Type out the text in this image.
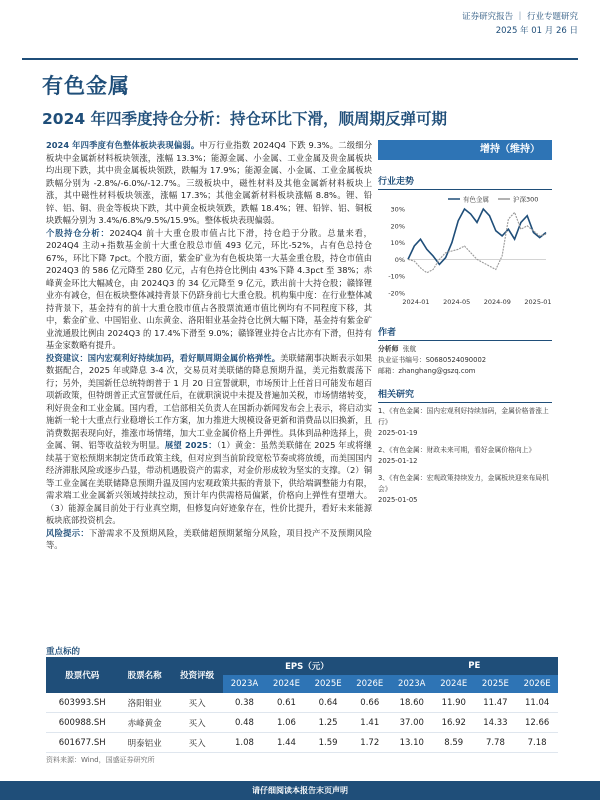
证券研究报告 ｜ 行业专题研究
2025 年 01 月 26 日
有色金属
2024 年四季度持仓分析：持仓环比下滑，顺周期反弹可期

2024 年四季度有色整体板块表现偏弱。申万行业指数 2024Q4 下跌 9.3%。二级细分板块中金属新材料板块领涨，涨幅 13.3%；能源金属、小金属、工业金属及贵金属板块均出现下跌，其中贵金属板块领跌，跌幅为 17.9%；能源金属、小金属、工业金属板块跌幅分别为 -2.8%/-6.0%/-12.7%。三级板块中，磁性材料及其他金属新材料板块上涨，其中磁性材料板块领涨，涨幅 17.3%；其他金属新材料板块涨幅 8.8%。锂、铅锌、铝、铜、贵金等板块下跌，其中黄金板块领跌，跌幅 18.4%；锂、铅锌、铝、铜板块跌幅分别为 3.4%/6.8%/9.5%/15.9%。整体板块表现偏弱。

个股持仓分析：2024Q4 前十大重仓股市值占比下滑，持仓趋于分散。总量来看，2024Q4 主动+指数基金前十大重仓股总市值 493 亿元，环比-52%，占有色总持仓 67%，环比下降 7pct。个股方面，紫金矿业为有色板块第一大基金重仓股，持仓市值由 2024Q3 的 586 亿元降至 280 亿元，占有色持仓比例由 43%下降 4.3pct 至 38%；赤峰黄金环比大幅减仓，由 2024Q3 的 34 亿元降至 9 亿元，跌出前十大持仓股；赣锋锂业亦有减仓，但在板块整体减持背景下仍跻身前七大重仓股。机构集中度：在行业整体减持背景下，基金持有的前十大重仓股市值占各股票流通市值比例均有不同程度下移，其中，紫金矿业、中国铝业、山东黄金、洛阳钼业基金持仓比例大幅下降，基金持有紫金矿业流通股比例由 2024Q3 的 17.4%下滑至 9.0%；赣锋锂业持仓占比亦有下滑，但持有基金家数略有提升。

投资建议：国内宏观利好持续加码，看好顺周期金属价格弹性。美联储潮事决断表示如果数据配合，2025 年或降息 3-4 次，交易员对美联储的降息预期升温，美元指数震荡下行；另外，美国新任总统特朗普于 1 月 20 日宣誓就职，市场预计上任首日可能发布超百项新政策，但特朗普正式宣誓就任后，在就职演说中未提及普遍加关税，市场情绪转变，利好贵金和工业金属。国内看，工信部相关负责人在国新办新闻发布会上表示，将启动实施新一轮十大重点行业稳增长工作方案，加力推进大规模设备更新和消费品以旧换新，且消费数据表现向好，推涨市场情绪，加大工业金属价格上升弹性。具体到品种选择上，贵金属、铜、铝等收益较为明显。展望 2025：（1）黄金：虽然美联储在 2025 年或将继续基于宽松预期来制定货币政策主线，但对应到当前阶段宽松节奏或将放缓，而美国国内经济滞胀风险或逐步凸显，带动机遇股资产的需求，对金价形成较为坚实的支撑。（2）铜等工业金属在美联储降息预期升温及国内宏观政策共振的背景下，供给端调整能力有限，需求端工业金属新兴领域持续拉动，预计年内供需格局偏紧，价格向上弹性有望增大。（3）能源金属目前处于行业真空期，但修复向好迹象存在，性价比提升，看好未来能源板块底部投资机会。

风险提示：下游需求不及预期风险，美联储超预期紧缩分风险，项目投产不及预期风险等。

增持（维持）
行业走势
30%
20%
10%
0%
-10%
-20%
2024-01 2024-05 2024-09 2025-01
有色金属	沪深300
作者
分析师 张航
执业证书编号：S0680524090002
邮箱：zhanghang@gszq.com
相关研究
1、《有色金属：国内宏观利好持续加码，金属价格普涨上行》
2025-01-19
2、《有色金属：财政未来可期，看好金属价格向上》
2025-01-12
3、《有色金属：宏观政策持续发力，金属板块迎来布局机会》
2025-01-05
重点标的
股票代码	股票名称	投资评级	EPS（元）				PE			
			2023A	2024E	2025E	2026E	2023A	2024E	2025E	2026E
603993.SH	洛阳钼业	买入	0.38	0.61	0.64	0.66	18.60	11.90	11.47	11.04
600988.SH	赤峰黄金	买入	0.48	1.06	1.25	1.41	37.00	16.92	14.33	12.66
601677.SH	明泰铝业	买入	1.08	1.44	1.59	1.72	13.10	8.59	7.78	7.18
资料来源：Wind，国盛证券研究所
请仔细阅读本报告末页声明
